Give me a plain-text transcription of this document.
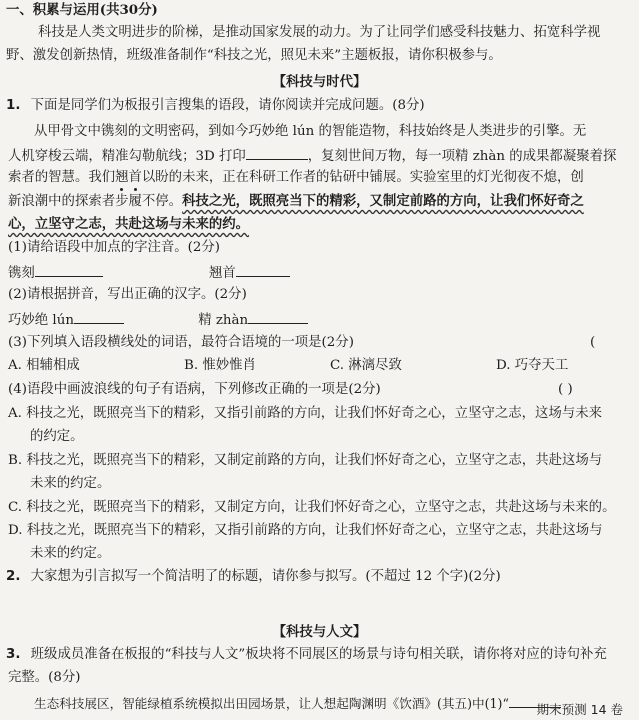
一、积累与运用(共30分)
科技是人类文明进步的阶梯，是推动国家发展的动力。为了让同学们感受科技魅力、拓宽科学视
野、激发创新热情，班级准备制作“科技之光，照见未来”主题板报，请你积极参与。
【科技与时代】
1. 下面是同学们为板报引言搜集的语段，请你阅读并完成问题。(8分)
从甲骨文中镌刻的文明密码，到如今巧妙绝 lún 的智能造物，科技始终是人类进步的引擎。无
人机穿梭云端，精准勾勒航线；3D 打印	，复刻世间万物，每一项精 zhàn 的成果都凝聚着探
索者的智慧。我们翘首以盼的未来，正在科研工作者的钻研中铺展。实验室里的灯光彻夜不熄，创
新浪潮中的探索者步履不停。科技之光，既照亮当下的精彩，又制定前路的方向，让我们怀好奇之
心，立坚守之志，共赴这场与未来的约。
(1)请给语段中加点的字注音。(2分)
镌刻	翘首
(2)请根据拼音，写出正确的汉字。(2分)
巧妙绝 lún	精 zhàn
(3)下列填入语段横线处的词语，最符合语境的一项是(2分)	(
A. 相辅相成	B. 惟妙惟肖	C. 淋漓尽致	D. 巧夺天工
(4)语段中画波浪线的句子有语病，下列修改正确的一项是(2分)	( )
A. 科技之光，既照亮当下的精彩，又指引前路的方向，让我们怀好奇之心，立坚守之志，这场与未来
的约定。
B. 科技之光，既照亮当下的精彩，又制定前路的方向，让我们怀好奇之心，立坚守之志，共赴这场与
未来的约定。
C. 科技之光，既照亮当下的精彩，又制定方向，让我们怀好奇之心，立坚守之志，共赴这场与未来的。
D. 科技之光，既照亮当下的精彩，又指引前路的方向，让我们怀好奇之心，立坚守之志，共赴这场与
未来的约定。
2. 大家想为引言拟写一个简洁明了的标题，请你参与拟写。(不超过 12 个字)(2分)
【科技与人文】
3. 班级成员准备在板报的“科技与人文”板块将不同展区的场景与诗句相关联，请你将对应的诗句补充
完整。(8分)
生态科技展区，智能绿植系统模拟出田园场景，让人想起陶渊明《饮酒》(其五)中(1)“	期末预测 14 卷
